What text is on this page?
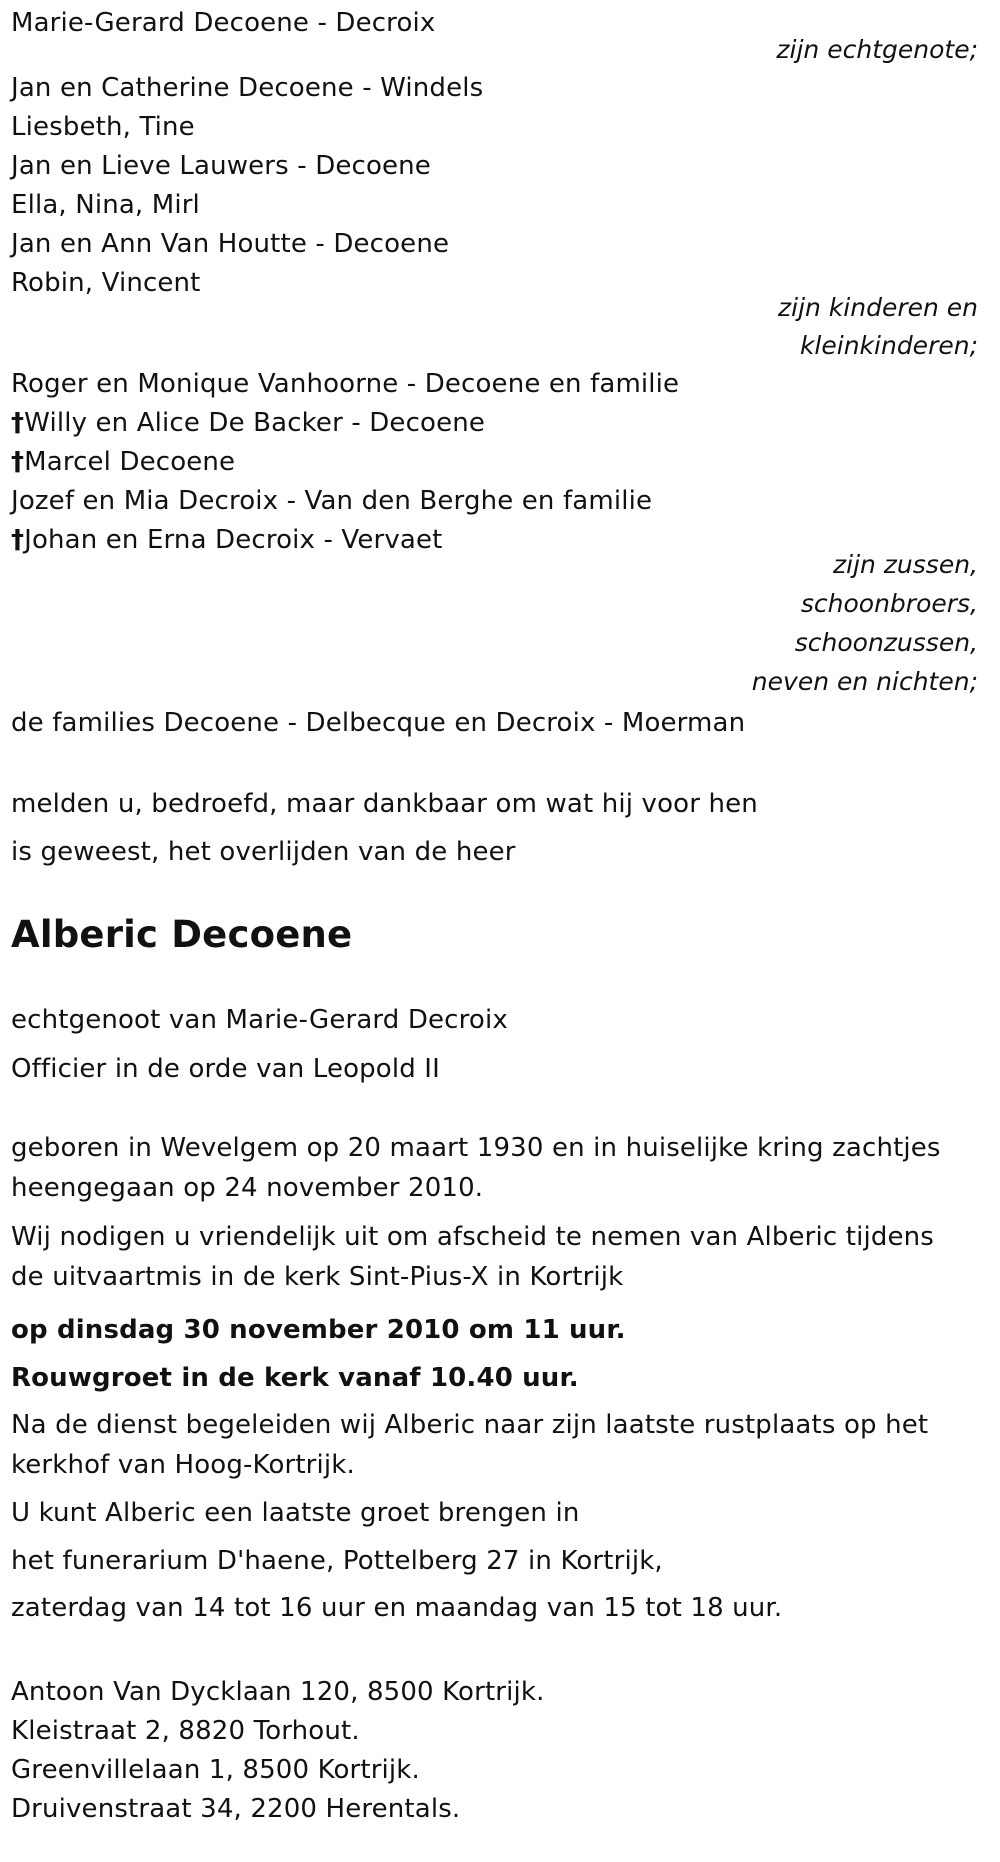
Marie-Gerard Decoene - Decroix

zijn echtgenote;

Jan en Catherine Decoene - Windels

Liesbeth, Tine

Jan en Lieve Lauwers - Decoene

Ella, Nina, Mirl

Jan en Ann Van Houtte - Decoene

Robin, Vincent

zijn kinderen en

kleinkinderen;

Roger en Monique Vanhoorne - Decoene en familie

†Willy en Alice De Backer - Decoene

†Marcel Decoene

Jozef en Mia Decroix - Van den Berghe en familie

†Johan en Erna Decroix - Vervaet

zijn zussen,

schoonbroers,

schoonzussen,

neven en nichten;

de families Decoene - Delbecque en Decroix - Moerman

melden u, bedroefd, maar dankbaar om wat hij voor hen

is geweest, het overlijden van de heer

Alberic Decoene

echtgenoot van Marie-Gerard Decroix

Officier in de orde van Leopold II

geboren in Wevelgem op 20 maart 1930 en in huiselijke kring zachtjes heengegaan op 24 november 2010.

Wij nodigen u vriendelijk uit om afscheid te nemen van Alberic tijdens de uitvaartmis in de kerk Sint-Pius-X in Kortrijk

op dinsdag 30 november 2010 om 11 uur.

Rouwgroet in de kerk vanaf 10.40 uur.

Na de dienst begeleiden wij Alberic naar zijn laatste rustplaats op het kerkhof van Hoog-Kortrijk.

U kunt Alberic een laatste groet brengen in

het funerarium D'haene, Pottelberg 27 in Kortrijk,

zaterdag van 14 tot 16 uur en maandag van 15 tot 18 uur.

Antoon Van Dycklaan 120, 8500 Kortrijk.

Kleistraat 2, 8820 Torhout.

Greenvillelaan 1, 8500 Kortrijk.

Druivenstraat 34, 2200 Herentals.
